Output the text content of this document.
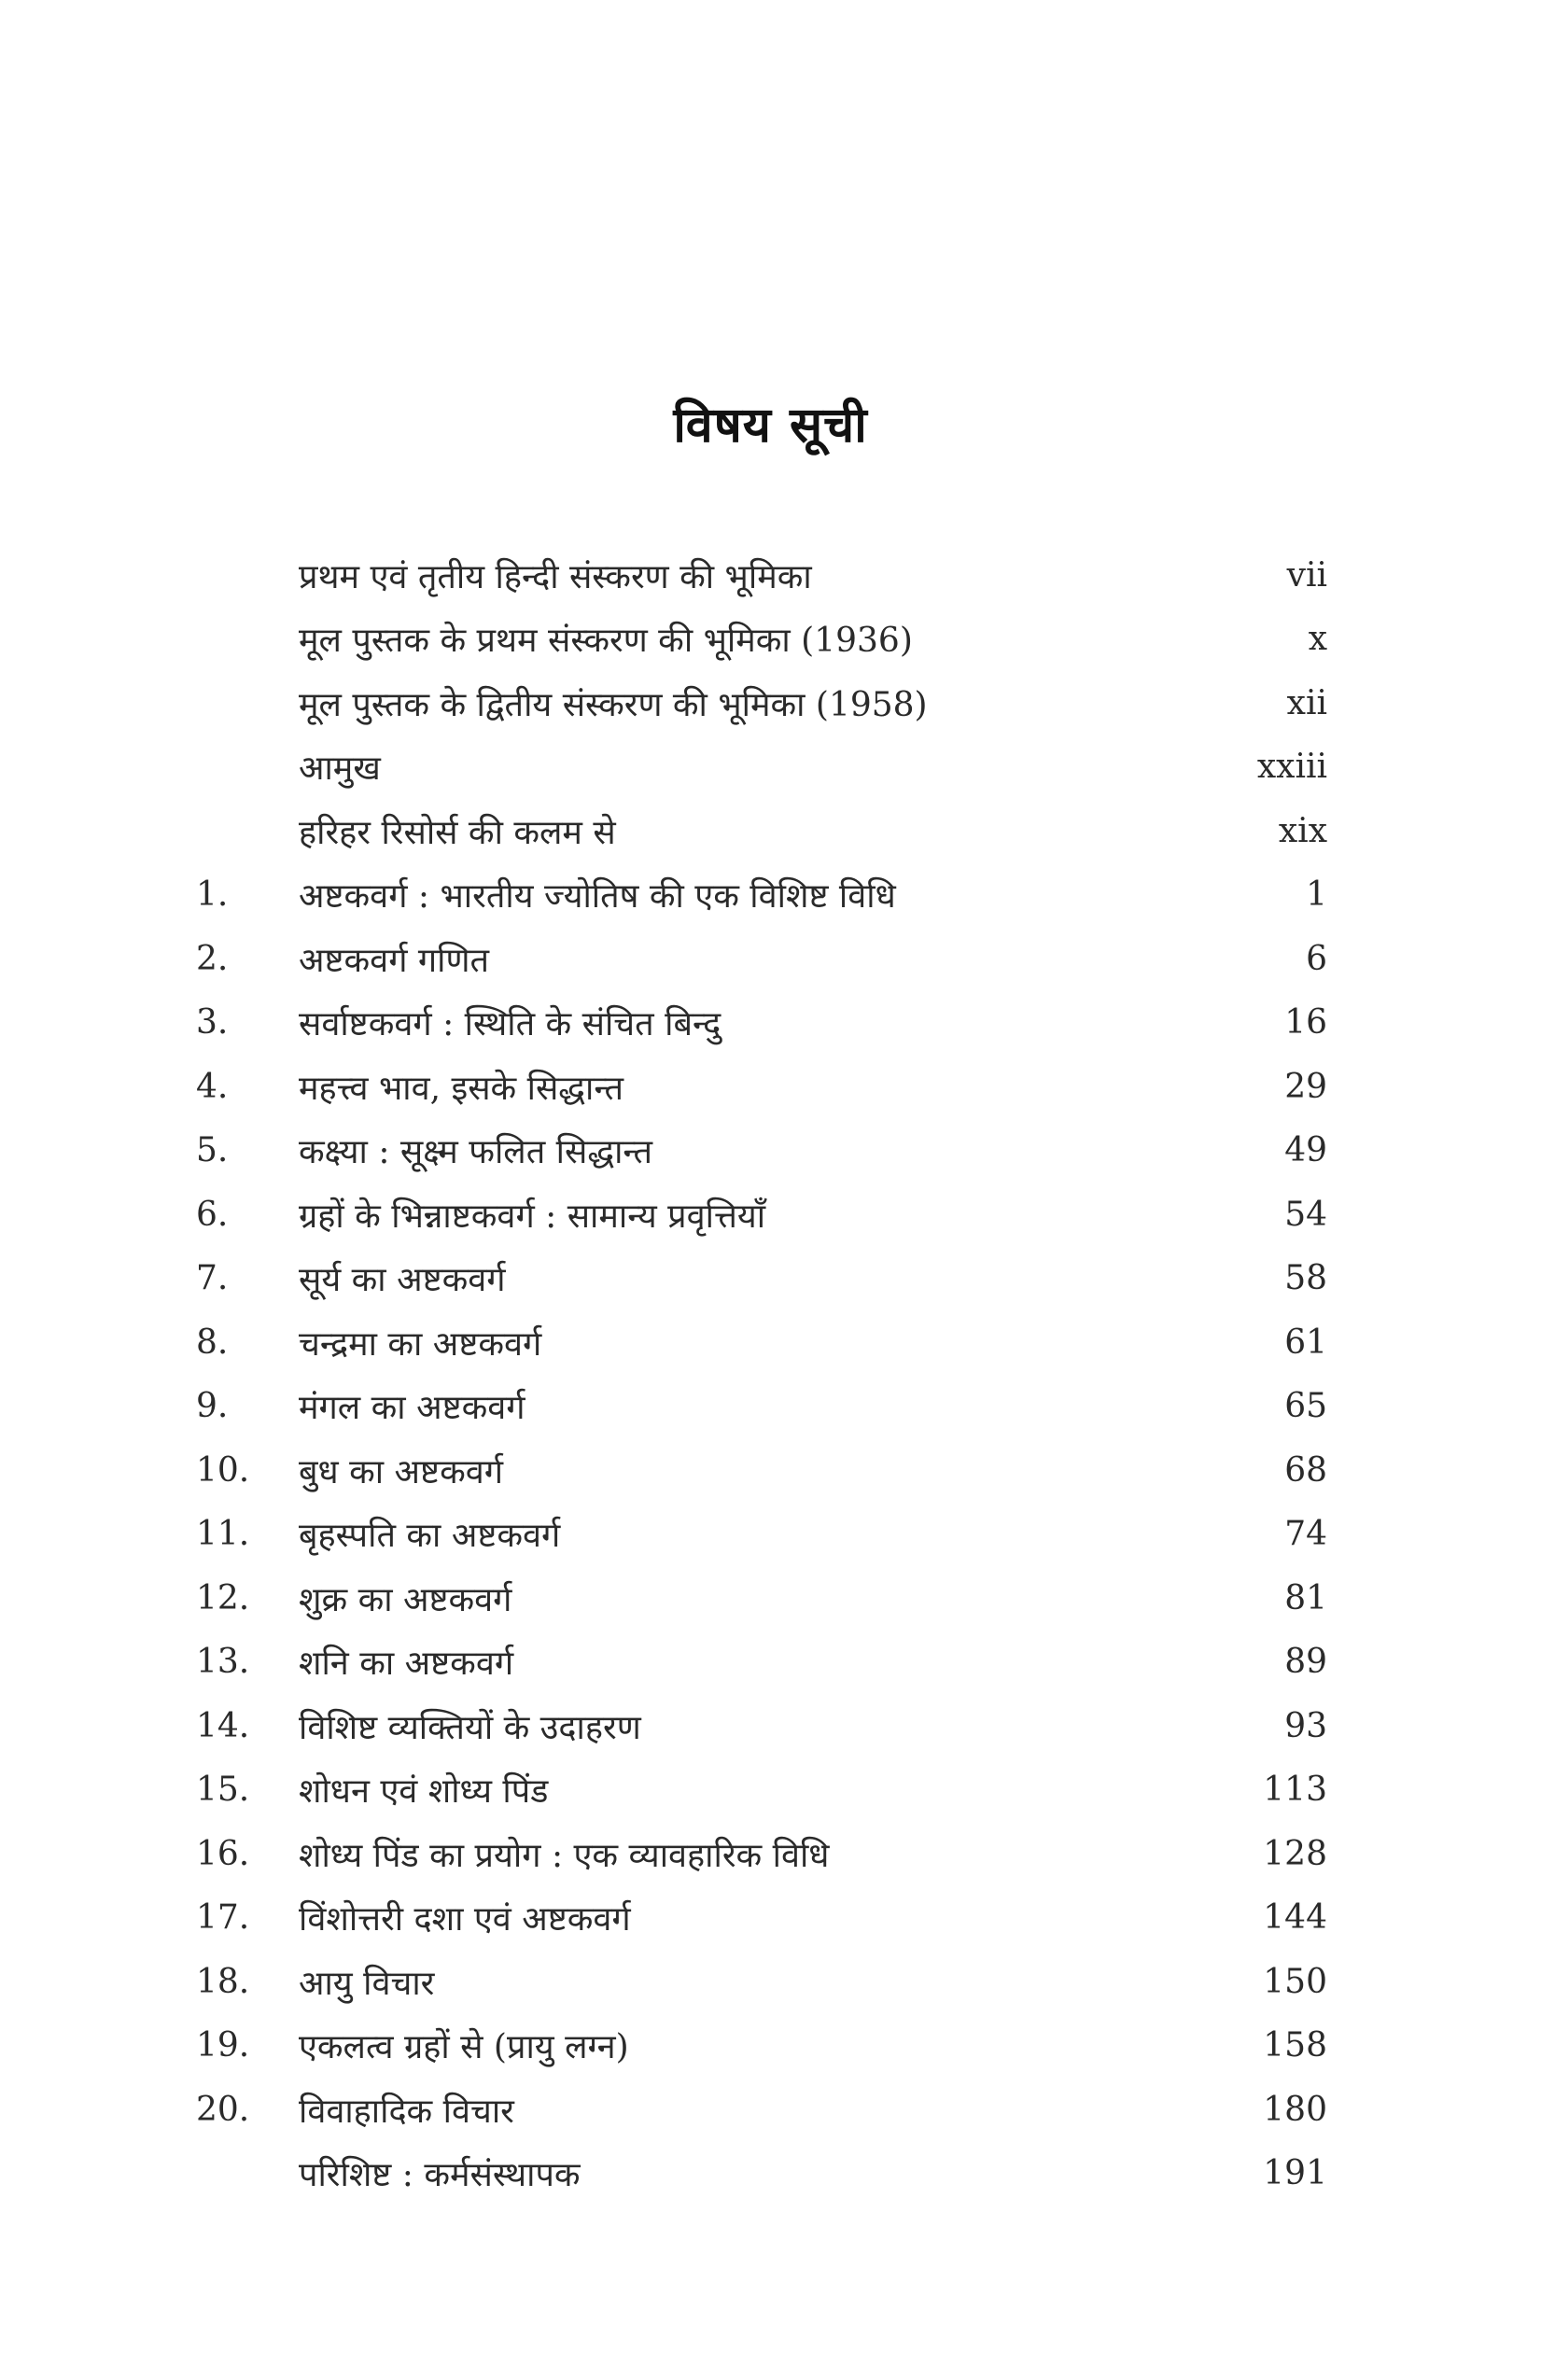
विषय सूची
प्रथम एवं तृतीय हिन्दी संस्करण की भूमिका	vii
मूल पुस्तक के प्रथम संस्करण की भूमिका (1936)	x
मूल पुस्तक के द्वितीय संस्करण की भूमिका (1958)	xii
आमुख	xxiii
हरिहर रिसोर्स की कलम से	xix
1.	अष्टकवर्ग : भारतीय ज्योतिष की एक विशिष्ट विधि	1
2.	अष्टकवर्ग गणित	6
3.	सर्वाष्टकवर्ग : स्थिति के संचित बिन्दु	16
4.	महत्त्व भाव, इसके सिद्धान्त	29
5.	कक्ष्या : सूक्ष्म फलित सिद्धान्त	49
6.	ग्रहों के भिन्नाष्टकवर्ग : सामान्य प्रवृत्तियाँ	54
7.	सूर्य का अष्टकवर्ग	58
8.	चन्द्रमा का अष्टकवर्ग	61
9.	मंगल का अष्टकवर्ग	65
10.	बुध का अष्टकवर्ग	68
11.	बृहस्पति का अष्टकवर्ग	74
12.	शुक्र का अष्टकवर्ग	81
13.	शनि का अष्टकवर्ग	89
14.	विशिष्ट व्यक्तियों के उदाहरण	93
15.	शोधन एवं शोध्य पिंड	113
16.	शोध्य पिंड का प्रयोग : एक व्यावहारिक विधि	128
17.	विंशोत्तरी दशा एवं अष्टकवर्ग	144
18.	आयु विचार	150
19.	एकलत्व ग्रहों से (प्रायु लग्न)	158
20.	विवाहादिक विचार	180
परिशिष्ट : कर्मसंस्थापक	191
